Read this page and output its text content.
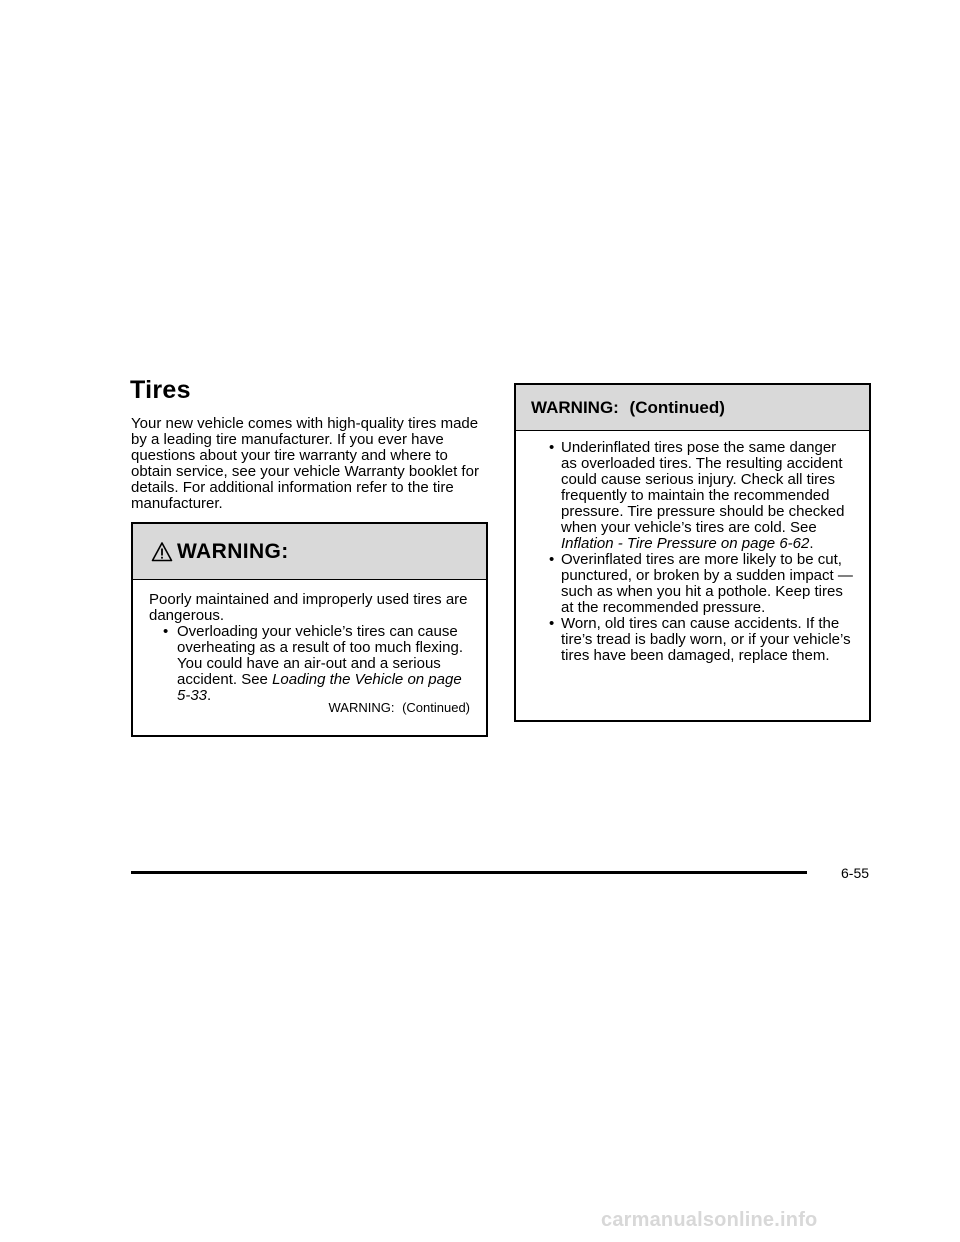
Tires

Your new vehicle comes with high-quality tires made by a leading tire manufacturer. If you ever have questions about your tire warranty and where to obtain service, see your vehicle Warranty booklet for details. For additional information refer to the tire manufacturer.

WARNING:
Poorly maintained and improperly used tires are dangerous.
• Overloading your vehicle’s tires can cause overheating as a result of too much flexing. You could have an air-out and a serious accident. See Loading the Vehicle on page 5-33.
WARNING: (Continued)
WARNING: (Continued)
• Underinflated tires pose the same danger as overloaded tires. The resulting accident could cause serious injury. Check all tires frequently to maintain the recommended pressure. Tire pressure should be checked when your vehicle’s tires are cold. See Inflation - Tire Pressure on page 6-62.
• Overinflated tires are more likely to be cut, punctured, or broken by a sudden impact — such as when you hit a pothole. Keep tires at the recommended pressure.
• Worn, old tires can cause accidents. If the tire’s tread is badly worn, or if your vehicle’s tires have been damaged, replace them.
6-55
carmanualsonline.info
